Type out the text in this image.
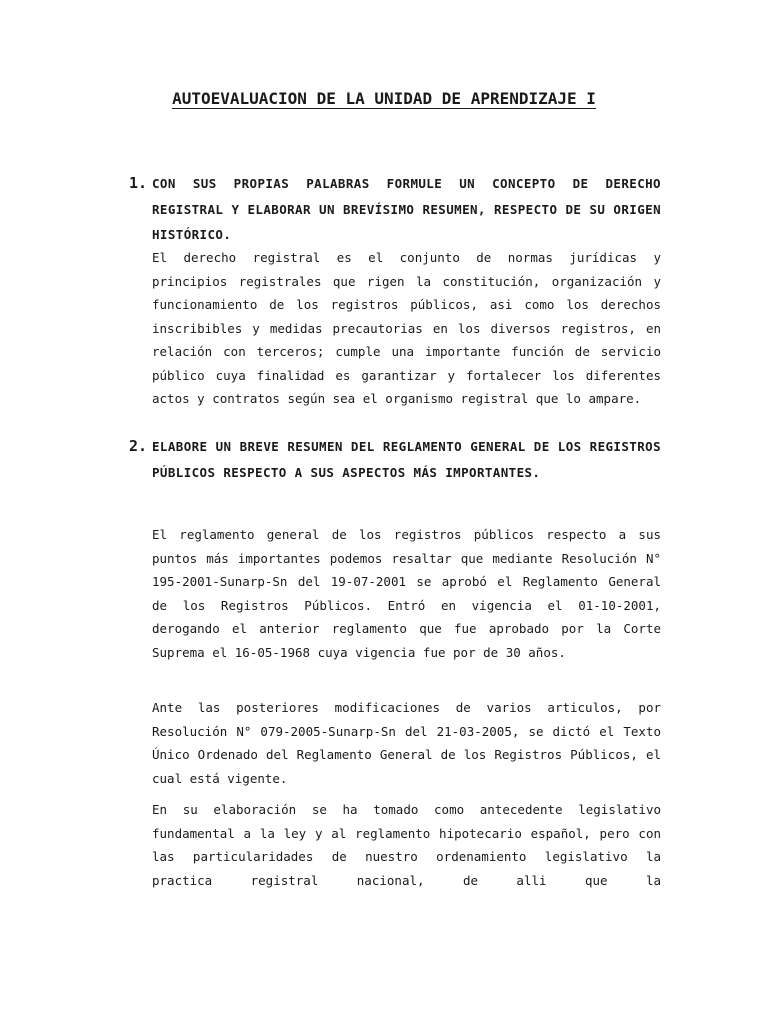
AUTOEVALUACION DE LA UNIDAD DE APRENDIZAJE I
1. CON SUS PROPIAS PALABRAS FORMULE UN CONCEPTO DE DERECHO REGISTRAL Y ELABORAR UN BREVÍSIMO RESUMEN, RESPECTO DE SU ORIGEN HISTÓRICO.

El derecho registral es el conjunto de normas jurídicas y principios registrales que rigen la constitución, organización y funcionamiento de los registros públicos, asi como los derechos inscribibles y medidas precautorias en los diversos registros, en relación con terceros; cumple una importante función de servicio público cuya finalidad es garantizar y fortalecer los diferentes actos y contratos según sea el organismo registral que lo ampare.

2. ELABORE UN BREVE RESUMEN DEL REGLAMENTO GENERAL DE LOS REGISTROS PÚBLICOS RESPECTO A SUS ASPECTOS MÁS IMPORTANTES.

El reglamento general de los registros públicos respecto a sus puntos más importantes podemos resaltar que mediante Resolución N° 195-2001-Sunarp-Sn del 19-07-2001 se aprobó el Reglamento General de los Registros Públicos. Entró en vigencia el 01-10-2001, derogando el anterior reglamento que fue aprobado por la Corte Suprema el 16-05-1968 cuya vigencia fue por de 30 años.

Ante las posteriores modificaciones de varios articulos, por Resolución N° 079-2005-Sunarp-Sn del 21-03-2005, se dictó el Texto Único Ordenado del Reglamento General de los Registros Públicos, el cual está vigente.

En su elaboración se ha tomado como antecedente legislativo fundamental a la ley y al reglamento hipotecario español, pero con las particularidades de nuestro ordenamiento legislativo la practica registral nacional, de alli que la
